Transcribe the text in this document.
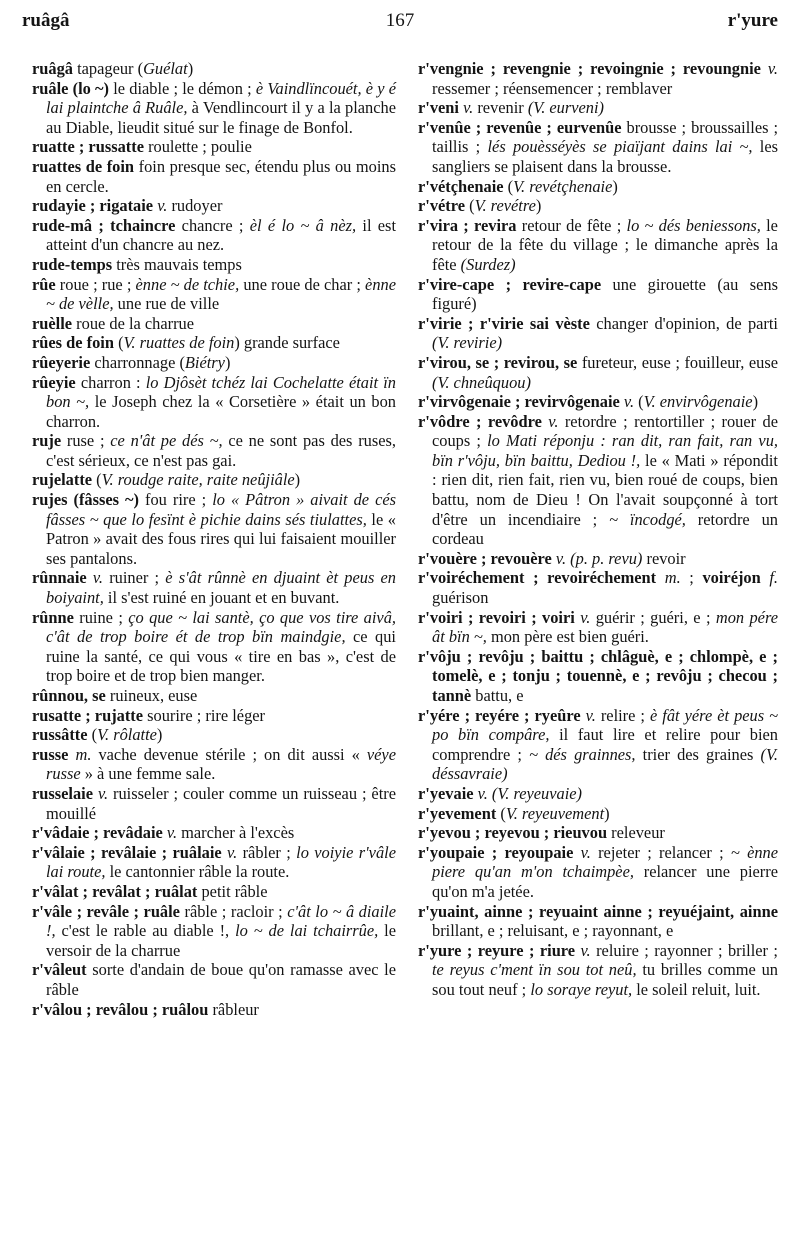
ruâgâ	167	r'yure

ruâgâ tapageur (Guélat)

ruâle (lo ~) le diable ; le démon ; è Vaindlïncouét, è y é lai plaintche â Ruâle, à Vendlincourt il y a la planche au Diable, lieudit situé sur le finage de Bonfol.

ruatte ; russatte roulette ; poulie

ruattes de foin foin presque sec, étendu plus ou moins en cercle.

rudayie ; rigataie v. rudoyer

rude-mâ ; tchaincre chancre ; èl é lo ~ â nèz, il est atteint d'un chancre au nez.

rude-temps très mauvais temps

rûe roue ; rue ; ènne ~ de tchie, une roue de char ; ènne ~ de vèlle, une rue de ville

ruèlle roue de la charrue

rûes de foin (V. ruattes de foin) grande surface

rûeyerie charronnage (Biétry)

rûeyie charron : lo Djôsèt tchéz lai Cochelatte était ïn bon ~, le Joseph chez la « Corsetière » était un bon charron.

ruje ruse ; ce n'ât pe dés ~, ce ne sont pas des ruses, c'est sérieux, ce n'est pas gai.

rujelatte (V. roudge raite, raite neûjiâle)

rujes (fâsses ~) fou rire ; lo « Pâtron » aivait de cés fâsses ~ que lo fesïnt è pichie dains sés tiulattes, le « Patron » avait des fous rires qui lui faisaient mouiller ses pantalons.

rûnnaie v. ruiner ; è s'ât rûnnè en djuaint èt peus en boiyaint, il s'est ruiné en jouant et en buvant.

rûnne ruine ; ço que ~ lai santè, ço que vos tire aivâ, c'ât de trop boire ét de trop bïn maindgie, ce qui ruine la santé, ce qui vous « tire en bas », c'est de trop boire et de trop bien manger.

rûnnou, se ruineux, euse

rusatte ; rujatte sourire ; rire léger

russâtte (V. rôlatte)

russe m. vache devenue stérile ; on dit aussi « véye russe » à une femme sale.

russelaie v. ruisseler ; couler comme un ruisseau ; être mouillé

r'vâdaie ; revâdaie v. marcher à l'excès

r'vâlaie ; revâlaie ; ruâlaie v. râbler ; lo voiyie r'vâle lai route, le cantonnier râble la route.

r'vâlat ; revâlat ; ruâlat petit râble

r'vâle ; revâle ; ruâle râble ; racloir ; c'ât lo ~ â diaile !, c'est le rable au diable !, lo ~ de lai tchairrûe, le versoir de la charrue

r'vâleut sorte d'andain de boue qu'on ramasse avec le râble

r'vâlou ; revâlou ; ruâlou râbleur

r'vengnie ; revengnie ; revoingnie ; revoungnie v. ressemer ; réensemencer ; remblaver

r'veni v. revenir (V. eurveni)

r'venûe ; revenûe ; eurvenûe brousse ; broussailles ; taillis ; lés pouèsséyès se piaïjant dains lai ~, les sangliers se plaisent dans la brousse.

r'vétçhenaie (V. revétçhenaie)

r'vétre (V. revétre)

r'vira ; revira retour de fête ; lo ~ dés beniessons, le retour de la fête du village ; le dimanche après la fête (Surdez)

r'vire-cape ; revire-cape une girouette (au sens figuré)

r'virie ; r'virie sai vèste changer d'opinion, de parti (V. revirie)

r'virou, se ; revirou, se fureteur, euse ; fouilleur, euse (V. chneûquou)

r'virvôgenaie ; revirvôgenaie v. (V. envirvôgenaie)

r'vôdre ; revôdre v. retordre ; rentortiller ; rouer de coups ; lo Mati réponju : ran dit, ran fait, ran vu, bïn r'vôju, bïn baittu, Dediou !, le « Mati » répondit : rien dit, rien fait, rien vu, bien roué de coups, bien battu, nom de Dieu ! On l'avait soupçonné à tort d'être un incendiaire ; ~ ïncodgé, retordre un cordeau

r'vouère ; revouère v. (p. p. revu) revoir

r'voiréchement ; revoiréchement m. ; voiréjon f. guérison

r'voiri ; revoiri ; voiri v. guérir ; guéri, e ; mon pére ât bïn ~, mon père est bien guéri.

r'vôju ; revôju ; baittu ; chlâguè, e ; chlompè, e ; tomelè, e ; tonju ; touennè, e ; revôju ; checou ; tannè battu, e

r'yére ; reyére ; ryeûre v. relire ; è fât yére èt peus ~ po bïn compâre, il faut lire et relire pour bien comprendre ; ~ dés grainnes, trier des graines (V. déssavraie)

r'yevaie v. (V. reyeuvaie)

r'yevement (V. reyeuvement)

r'yevou ; reyevou ; rieuvou releveur

r'youpaie ; reyoupaie v. rejeter ; relancer ; ~ ènne piere qu'an m'on tchaimpèe, relancer une pierre qu'on m'a jetée.

r'yuaint, ainne ; reyuaint ainne ; reyuéjaint, ainne brillant, e ; reluisant, e ; rayonnant, e

r'yure ; reyure ; riure v. reluire ; rayonner ; briller ; te reyus c'ment ïn sou tot neû, tu brilles comme un sou tout neuf ; lo soraye reyut, le soleil reluit, luit.
